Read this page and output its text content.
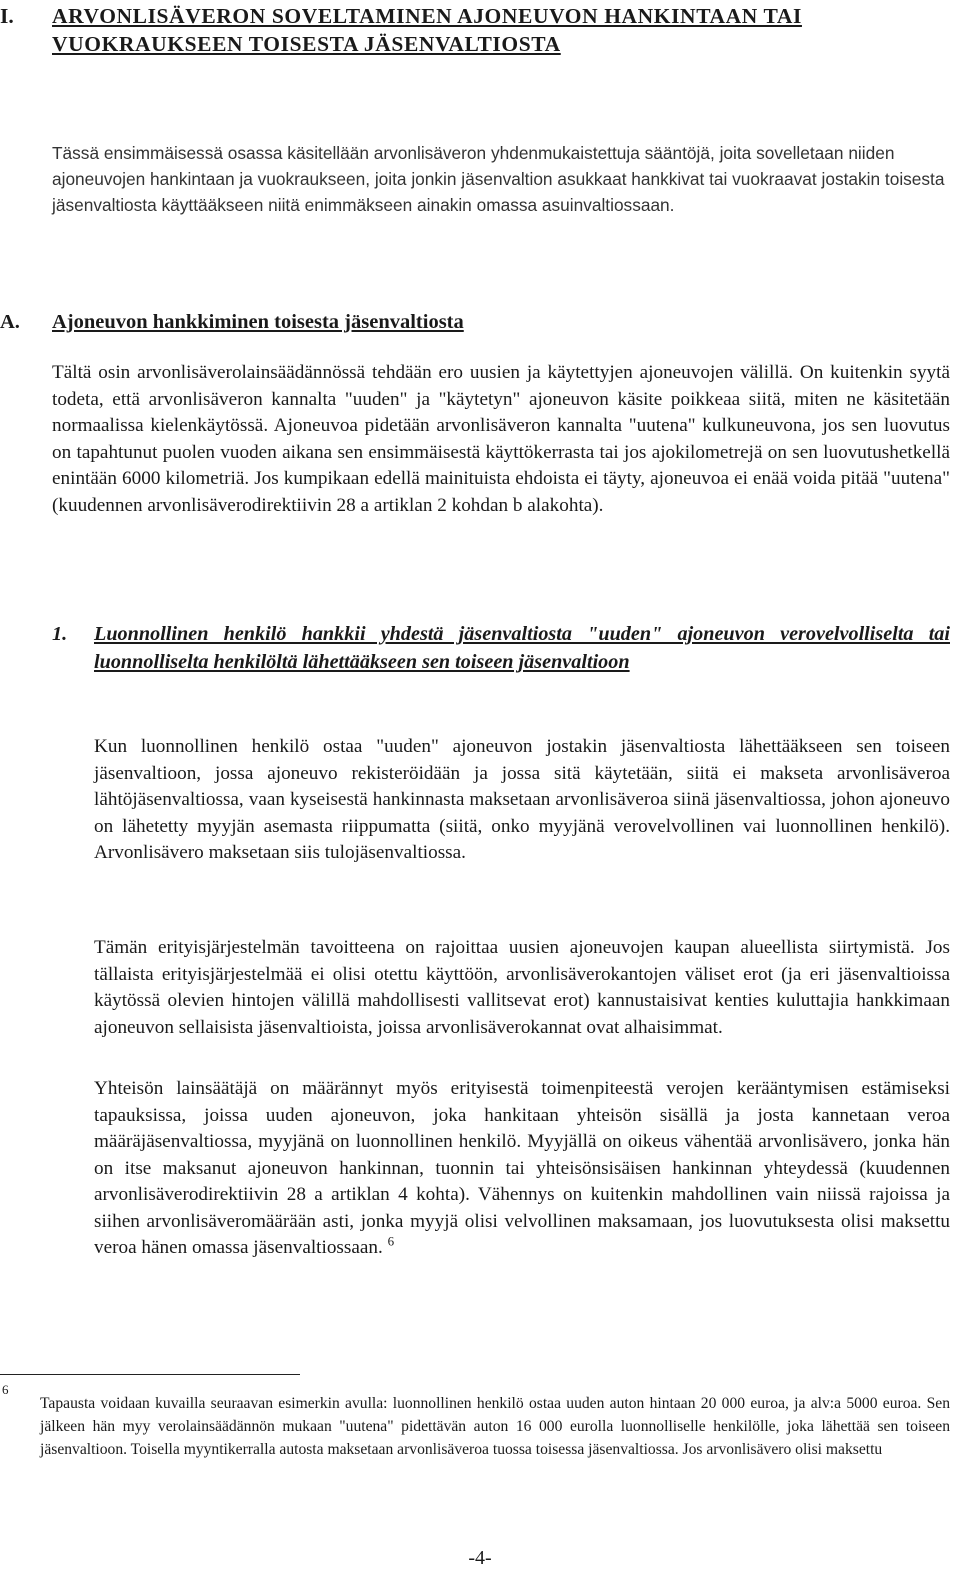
I. ARVONLISÄVERON SOVELTAMINEN AJONEUVON HANKINTAAN TAI VUOKRAUKSEEN TOISESTA JÄSENVALTIOSTA
Tässä ensimmäisessä osassa käsitellään arvonlisäveron yhdenmukaistettuja sääntöjä, joita sovelletaan niiden ajoneuvojen hankintaan ja vuokraukseen, joita jonkin jäsenvaltion asukkaat hankkivat tai vuokraavat jostakin toisesta jäsenvaltiosta käyttääkseen niitä enimmäkseen ainakin omassa asuinvaltiossaan.
A. Ajoneuvon hankkiminen toisesta jäsenvaltiosta
Tältä osin arvonlisäverolainsäädännössä tehdään ero uusien ja käytettyjen ajoneuvojen välillä. On kuitenkin syytä todeta, että arvonlisäveron kannalta "uuden" ja "käytetyn" ajoneuvon käsite poikkeaa siitä, miten ne käsitetään normaalissa kielenkäytössä. Ajoneuvoa pidetään arvonlisäveron kannalta "uutena" kulkuneuvona, jos sen luovutus on tapahtunut puolen vuoden aikana sen ensimmäisestä käyttökerrasta tai jos ajokilometrejä on sen luovutushetkellä enintään 6000 kilometriä. Jos kumpikaan edellä mainituista ehdoista ei täyty, ajoneuvoa ei enää voida pitää "uutena" (kuudennen arvonlisäverodirektiivin 28 a artiklan 2 kohdan b alakohta).
1. Luonnollinen henkilö hankkii yhdestä jäsenvaltiosta "uuden" ajoneuvon verovelvolliselta tai luonnolliselta henkilöltä lähettääkseen sen toiseen jäsenvaltioon
Kun luonnollinen henkilö ostaa "uuden" ajoneuvon jostakin jäsenvaltiosta lähettääkseen sen toiseen jäsenvaltioon, jossa ajoneuvo rekisteröidään ja jossa sitä käytetään, siitä ei makseta arvonlisäveroa lähtöjäsenvaltiossa, vaan kyseisestä hankinnasta maksetaan arvonlisäveroa siinä jäsenvaltiossa, johon ajoneuvo on lähetetty myyjän asemasta riippumatta (siitä, onko myyjänä verovelvollinen vai luonnollinen henkilö). Arvonlisävero maksetaan siis tulojäsenvaltiossa.
Tämän erityisjärjestelmän tavoitteena on rajoittaa uusien ajoneuvojen kaupan alueellista siirtymistä. Jos tällaista erityisjärjestelmää ei olisi otettu käyttöön, arvonlisäverokantojen väliset erot (ja eri jäsenvaltioissa käytössä olevien hintojen välillä mahdollisesti vallitsevat erot) kannustaisivat kenties kuluttajia hankkimaan ajoneuvon sellaisista jäsenvaltioista, joissa arvonlisäverokannat ovat alhaisimmat.
Yhteisön lainsäätäjä on määrännyt myös erityisestä toimenpiteestä verojen kerääntymisen estämiseksi tapauksissa, joissa uuden ajoneuvon, joka hankitaan yhteisön sisällä ja josta kannetaan veroa määräjäsenvaltiossa, myyjänä on luonnollinen henkilö. Myyjällä on oikeus vähentää arvonlisävero, jonka hän on itse maksanut ajoneuvon hankinnan, tuonnin tai yhteisönsisäisen hankinnan yhteydessä (kuudennen arvonlisäverodirektiivin 28 a artiklan 4 kohta). Vähennys on kuitenkin mahdollinen vain niissä rajoissa ja siihen arvonlisäveromäärään asti, jonka myyjä olisi velvollinen maksamaan, jos luovutuksesta olisi maksettu veroa hänen omassa jäsenvaltiossaan. $^6$
6
Tapausta voidaan kuvailla seuraavan esimerkin avulla: luonnollinen henkilö ostaa uuden auton hintaan 20 000 euroa, ja alv:a 5000 euroa. Sen jälkeen hän myy verolainsäädännön mukaan "uutena" pidettävän auton 16 000 eurolla luonnolliselle henkilölle, joka lähettää sen toiseen jäsenvaltioon. Toisella myyntikerralla autosta maksetaan arvonlisäveroa tuossa toisessa jäsenvaltiossa. Jos arvonlisävero olisi maksettu
-4-
